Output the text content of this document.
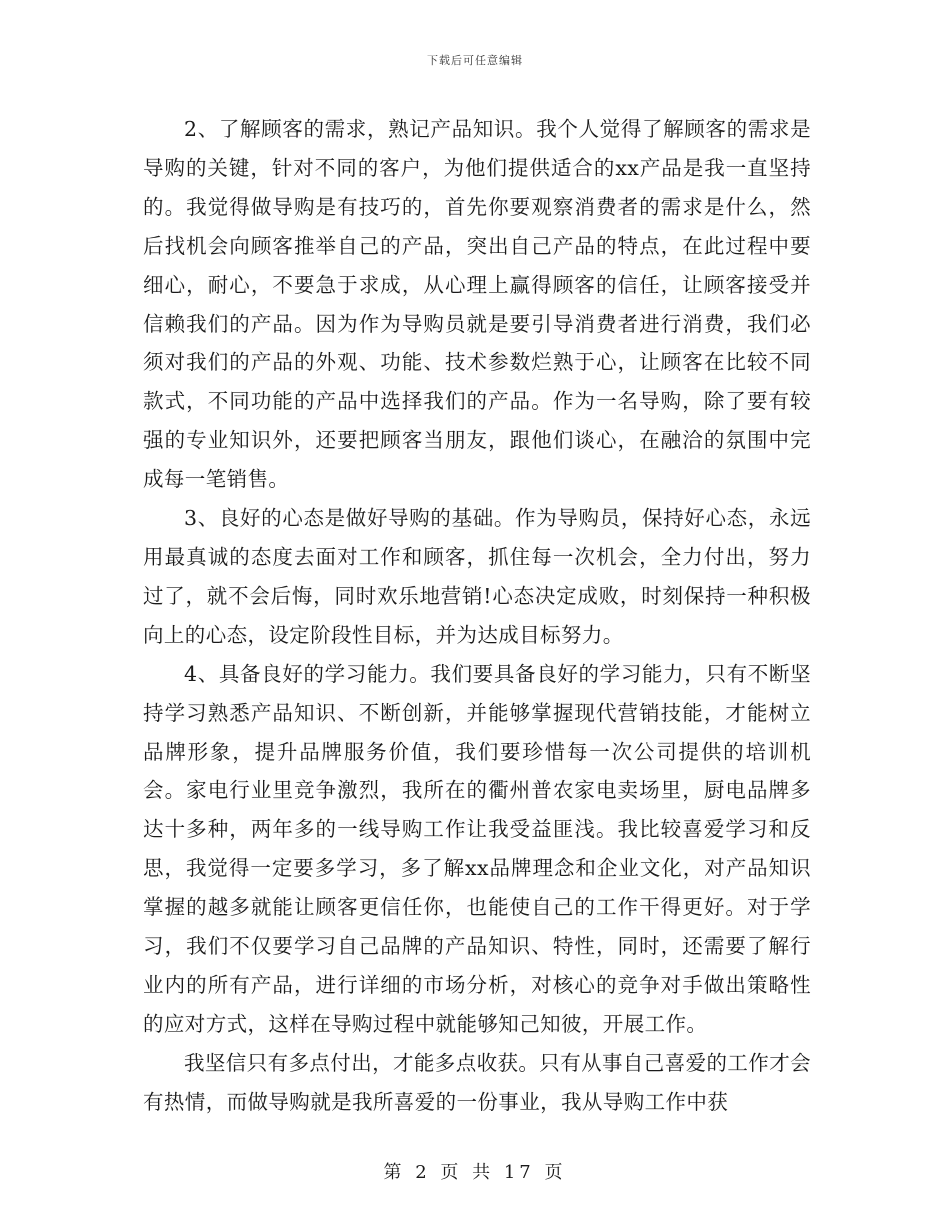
下载后可任意编辑

2、了解顾客的需求，熟记产品知识。我个人觉得了解顾客的需求是导购的关键，针对不同的客户，为他们提供适合的xx产品是我一直坚持的。我觉得做导购是有技巧的，首先你要观察消费者的需求是什么，然后找机会向顾客推举自己的产品，突出自己产品的特点，在此过程中要细心，耐心，不要急于求成，从心理上赢得顾客的信任，让顾客接受并信赖我们的产品。因为作为导购员就是要引导消费者进行消费，我们必须对我们的产品的外观、功能、技术参数烂熟于心，让顾客在比较不同款式，不同功能的产品中选择我们的产品。作为一名导购，除了要有较强的专业知识外，还要把顾客当朋友，跟他们谈心，在融洽的氛围中完成每一笔销售。

3、良好的心态是做好导购的基础。作为导购员，保持好心态，永远用最真诚的态度去面对工作和顾客，抓住每一次机会，全力付出，努力过了，就不会后悔，同时欢乐地营销!心态决定成败，时刻保持一种积极向上的心态，设定阶段性目标，并为达成目标努力。

4、具备良好的学习能力。我们要具备良好的学习能力，只有不断坚持学习熟悉产品知识、不断创新，并能够掌握现代营销技能，才能树立品牌形象，提升品牌服务价值，我们要珍惜每一次公司提供的培训机会。家电行业里竞争激烈，我所在的衢州普农家电卖场里，厨电品牌多达十多种，两年多的一线导购工作让我受益匪浅。我比较喜爱学习和反思，我觉得一定要多学习，多了解xx品牌理念和企业文化，对产品知识掌握的越多就能让顾客更信任你，也能使自己的工作干得更好。对于学习，我们不仅要学习自己品牌的产品知识、特性，同时，还需要了解行业内的所有产品，进行详细的市场分析，对核心的竞争对手做出策略性的应对方式，这样在导购过程中就能够知己知彼，开展工作。

我坚信只有多点付出，才能多点收获。只有从事自己喜爱的工作才会有热情，而做导购就是我所喜爱的一份事业，我从导购工作中获

第 2 页 共 17 页
